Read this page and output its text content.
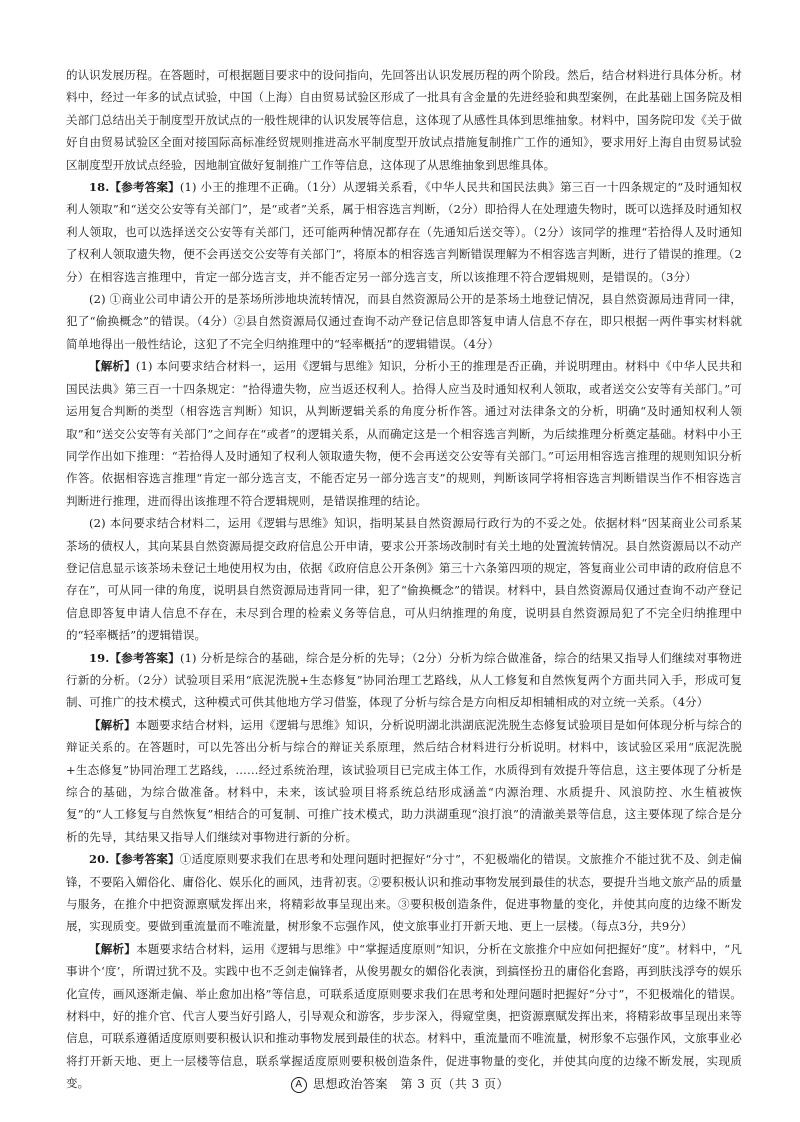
的认识发展历程。在答题时，可根据题目要求中的设问指向，先回答出认识发展历程的两个阶段。然后，结合材料进行具体分析。材料中，经过一年多的试点试验，中国（上海）自由贸易试验区形成了一批具有含金量的先进经验和典型案例，在此基础上国务院及相关部门总结出关于制度型开放试点的一般性规律的认识发展等信息，这体现了从感性具体到思维抽象。材料中，国务院印发《关于做好自由贸易试验区全面对接国际高标准经贸规则推进高水平制度型开放试点措施复制推广工作的通知》，要求用好上海自由贸易试验区制度型开放试点经验，因地制宜做好复制推广工作等信息，这体现了从思维抽象到思维具体。

18.【参考答案】(1) 小王的推理不正确。（1分）从逻辑关系看，《中华人民共和国民法典》第三百一十四条规定的“及时通知权利人领取”和“送交公安等有关部门”，是“或者”关系，属于相容选言判断，（2分）即拾得人在处理遗失物时，既可以选择及时通知权利人领取，也可以选择送交公安等有关部门，还可能两种情况都存在（先通知后送交等）。（2分）该同学的推理“若拾得人及时通知了权利人领取遗失物，便不会再送交公安等有关部门”，将原本的相容选言判断错误理解为不相容选言判断，进行了错误的推理。（2分）在相容选言推理中，肯定一部分选言支，并不能否定另一部分选言支，所以该推理不符合逻辑规则，是错误的。（3分）

(2) ①商业公司申请公开的是茶场所涉地块流转情况，而县自然资源局公开的是茶场土地登记情况，县自然资源局违背同一律，犯了“偷换概念”的错误。（4分）②县自然资源局仅通过查询不动产登记信息即答复申请人信息不存在，即只根据一两件事实材料就简单地得出一般性结论，这犯了不完全归纳推理中的“轻率概括”的逻辑错误。（4分）

【解析】(1) 本问要求结合材料一，运用《逻辑与思维》知识，分析小王的推理是否正确，并说明理由。材料中《中华人民共和国民法典》第三百一十四条规定：“拾得遗失物，应当返还权利人。拾得人应当及时通知权利人领取，或者送交公安等有关部门。”可运用复合判断的类型（相容选言判断）知识，从判断逻辑关系的角度分析作答。通过对法律条文的分析，明确“及时通知权利人领取”和“送交公安等有关部门”之间存在“或者”的逻辑关系，从而确定这是一个相容选言判断，为后续推理分析奠定基础。材料中小王同学作出如下推理：“若拾得人及时通知了权利人领取遗失物，便不会再送交公安等有关部门。”可运用相容选言推理的规则知识分析作答。依据相容选言推理“肯定一部分选言支，不能否定另一部分选言支”的规则，判断该同学将相容选言判断错误当作不相容选言判断进行推理，进而得出该推理不符合逻辑规则，是错误推理的结论。

(2) 本问要求结合材料二，运用《逻辑与思维》知识，指明某县自然资源局行政行为的不妥之处。依据材料“因某商业公司系某茶场的债权人，其向某县自然资源局提交政府信息公开申请，要求公开茶场改制时有关土地的处置流转情况。县自然资源局以不动产登记信息显示该茶场未登记土地使用权为由，依据《政府信息公开条例》第三十六条第四项的规定，答复商业公司申请的政府信息不存在”，可从同一律的角度，说明县自然资源局违背同一律，犯了“偷换概念”的错误。材料中，县自然资源局仅通过查询不动产登记信息即答复申请人信息不存在，未尽到合理的检索义务等信息，可从归纳推理的角度，说明县自然资源局犯了不完全归纳推理中的“轻率概括”的逻辑错误。

19.【参考答案】(1) 分析是综合的基础，综合是分析的先导；（2分）分析为综合做准备，综合的结果又指导人们继续对事物进行新的分析。（2分）试验项目采用“底泥洗脱+生态修复”协同治理工艺路线，从人工修复和自然恢复两个方面共同入手，形成可复制、可推广的技术模式，这种模式可供其他地方学习借鉴，体现了分析与综合是方向相反却相辅相成的对立统一关系。（4分）

【解析】本题要求结合材料，运用《逻辑与思维》知识，分析说明湖北洪湖底泥洗脱生态修复试验项目是如何体现分析与综合的辩证关系的。在答题时，可以先答出分析与综合的辩证关系原理，然后结合材料进行分析说明。材料中，该试验区采用“底泥洗脱+生态修复”协同治理工艺路线，……经过系统治理，该试验项目已完成主体工作，水质得到有效提升等信息，这主要体现了分析是综合的基础，为综合做准备。材料中，未来，该试验项目将系统总结形成涵盖“内源治理、水质提升、风浪防控、水生植被恢复”的“人工修复与自然恢复”相结合的可复制、可推广技术模式，助力洪湖重现“浪打浪”的清澈美景等信息，这主要体现了综合是分析的先导，其结果又指导人们继续对事物进行新的分析。

20.【参考答案】①适度原则要求我们在思考和处理问题时把握好“分寸”，不犯极端化的错误。文旅推介不能过犹不及、剑走偏锋，不要陷入媚俗化、庸俗化、娱乐化的画风，违背初衷。②要积极认识和推动事物发展到最佳的状态，要提升当地文旅产品的质量与服务，在推介中把资源禀赋发挥出来，将精彩故事呈现出来。③要积极创造条件，促进事物量的变化，并使其向度的边缘不断发展，实现质变。要做到重流量而不唯流量，树形象不忘强作风，使文旅事业打开新天地、更上一层楼。（每点3分，共9分）

【解析】本题要求结合材料，运用《逻辑与思维》中“掌握适度原则”知识，分析在文旅推介中应如何把握好“度”。材料中，“凡事讲个‘度’，所谓过犹不及。实践中也不乏剑走偏锋者，从俊男靓女的媚俗化表演，到搞怪扮丑的庸俗化套路，再到肤浅浮夸的娱乐化宣传，画风逐渐走偏、举止愈加出格”等信息，可联系适度原则要求我们在思考和处理问题时把握好“分寸”，不犯极端化的错误。材料中，好的推介官、代言人要当好引路人，引导观众和游客，步步深入，得窥堂奥，把资源禀赋发挥出来，将精彩故事呈现出来等信息，可联系遵循适度原则要积极认识和推动事物发展到最佳的状态。材料中，重流量而不唯流量，树形象不忘强作风，文旅事业必将打开新天地、更上一层楼等信息，联系掌握适度原则要积极创造条件，促进事物量的变化，并使其向度的边缘不断发展，实现质变。	A 思想政治答案　第 3 页（共 3 页）
